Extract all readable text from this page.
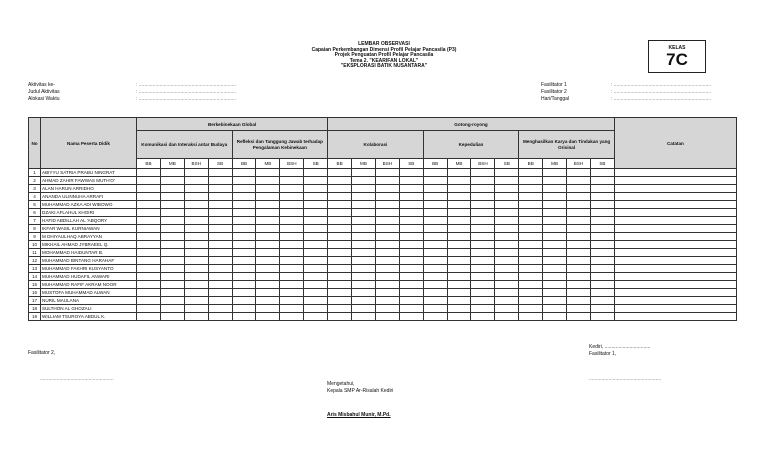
LEMBAR OBSERVASI
Capaian Perkembangan Dimensi Profil Pelajar Pancasila (P3)
Projek Penguatan Profil Pelajar Pancasila
Tema 2. "KEARIFAN LOKAL"
"EKSPLORASI BATIK NUSANTARA"
KELAS
7C
Aktivitas ke-	: ......................................................................
Judul Aktivitas	: ......................................................................
Alokasi Waktu	: ......................................................................
Fasilitator 1	: ......................................................................
Fasilitator 2	: ......................................................................
Hari/Tanggal	: ......................................................................
No	Nama Peserta Didik	Berkebinekaan Global								Gotong-royong												Catatan
		Komunikasi dan Interaksi antar Budaya				Refleksi dan Tanggung Jawab terhadap Pengalaman Kebinekaan				Kolaborasi				Kepedulian				Menghasilkan Karya dan Tindakan yang Orisinal				
		BB	MB	BSH	SB	BB	MB	BSH	SB	BB	MB	BSH	SB	BB	MB	BSH	SB	BB	MB	BSH	SB	
1	ABIYYU SATRIA PRABU NINGRAT																					
2	AHMAD ZAHIR FAWWAS MUTH'O'																					
3	ALAN HARUN ARRIDHO																					
4	ANANDA ULINNUHA ARRAFI																					
5	MUHAMMAD AZKA ADI WIBOWO																					
6	DZAKI AFLAHUL KHOIRI																					
7	HAFID ABDILLAH AL 'ABQORY																					
8	IKFAR WASIL KURNIAWAN																					
9	M DHIYAULHAQ ABRAYYAN																					
10	MIKHAIL AHMAD JYBRAEEL Q.																					
11	MOHAMMAD HAIDUNTAR B.																					
12	MUHAMMAD BINTANG HARAHAF																					
13	MUHAMMAD FAKHRI KUSYANTO																					
14	MUHAMMAD HUDAFIL ANWARI																					
15	MUHAMMAD RAFIF AKRAM NOOR																					
16	MUSTOFA MUHAMMAD ALWAN																					
17	NURIL MAULANA																					
18	SULTHON AL GHOZALI																					
19	WILLIAM TSUROYA ABDUL K.																					
Fasilitator 2,
.....................................................
Kediri, .................................
Fasilitator 1,
....................................................
Mengetahui,
Kepala SMP Ar-Risalah Kediri
Aris Misbahul Munir, M.Pd.
